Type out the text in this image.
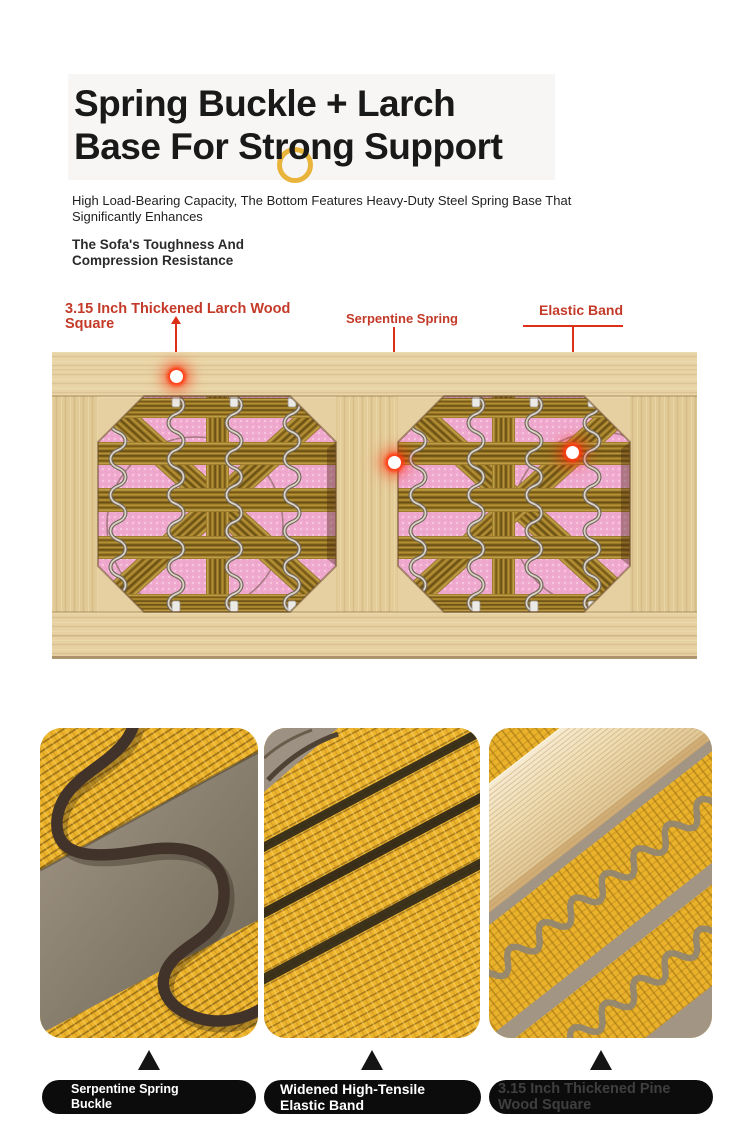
Spring Buckle + Larch
Base For Strong Support
High Load-Bearing Capacity, The Bottom Features Heavy-Duty Steel Spring Base That
Significantly Enhances
The Sofa's Toughness And
Compression Resistance
3.15 Inch Thickened Larch Wood
Square	Serpentine Spring
Elastic Band
Serpentine Spring
Buckle
Widened High-Tensile
Elastic Band
3.15 Inch Thickened Pine
Wood Square
